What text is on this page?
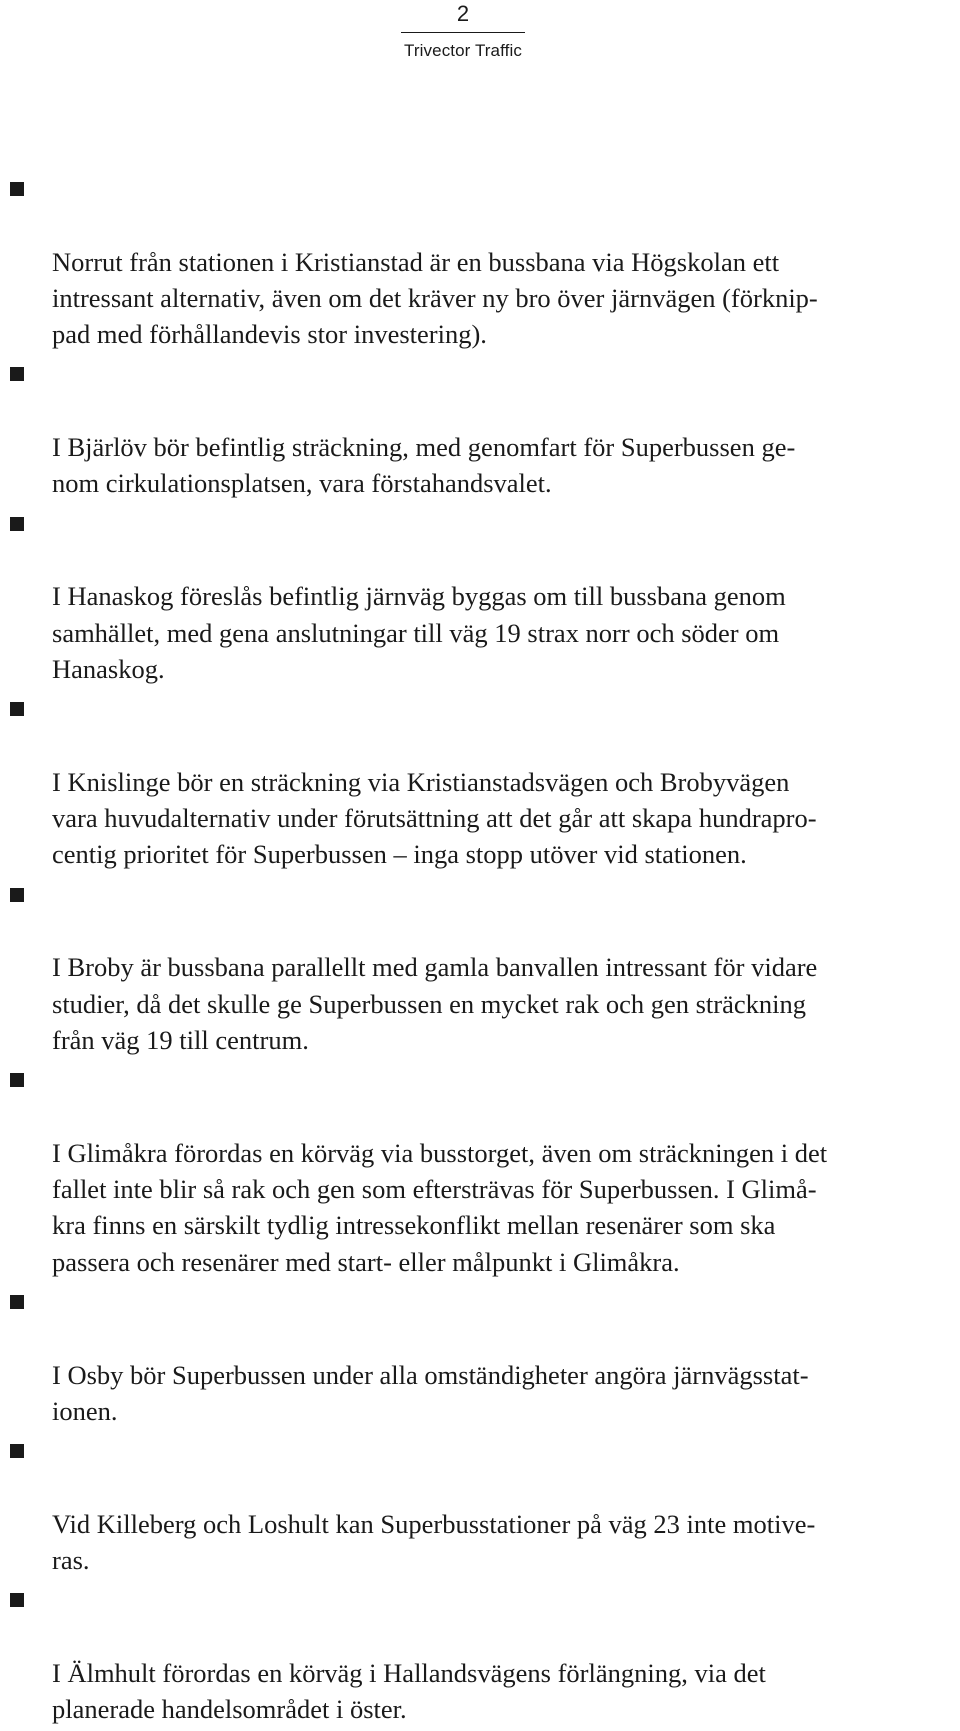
2
Trivector Traffic

Norrut från stationen i Kristianstad är en bussbana via Högskolan ett
intressant alternativ, även om det kräver ny bro över järnvägen (förknip-
pad med förhållandevis stor investering).

I Bjärlöv bör befintlig sträckning, med genomfart för Superbussen ge-
nom cirkulationsplatsen, vara förstahandsvalet.

I Hanaskog föreslås befintlig järnväg byggas om till bussbana genom
samhället, med gena anslutningar till väg 19 strax norr och söder om
Hanaskog.

I Knislinge bör en sträckning via Kristianstadsvägen och Brobyvägen
vara huvudalternativ under förutsättning att det går att skapa hundrapro-
centig prioritet för Superbussen – inga stopp utöver vid stationen.

I Broby är bussbana parallellt med gamla banvallen intressant för vidare
studier, då det skulle ge Superbussen en mycket rak och gen sträckning
från väg 19 till centrum.

I Glimåkra förordas en körväg via busstorget, även om sträckningen i det
fallet inte blir så rak och gen som eftersträvas för Superbussen. I Glimå-
kra finns en särskilt tydlig intressekonflikt mellan resenärer som ska
passera och resenärer med start- eller målpunkt i Glimåkra.

I Osby bör Superbussen under alla omständigheter angöra järnvägsstat-
ionen.

Vid Killeberg och Loshult kan Superbusstationer på väg 23 inte motive-
ras.

I Älmhult förordas en körväg i Hallandsvägens förlängning, via det
planerade handelsområdet i öster.
